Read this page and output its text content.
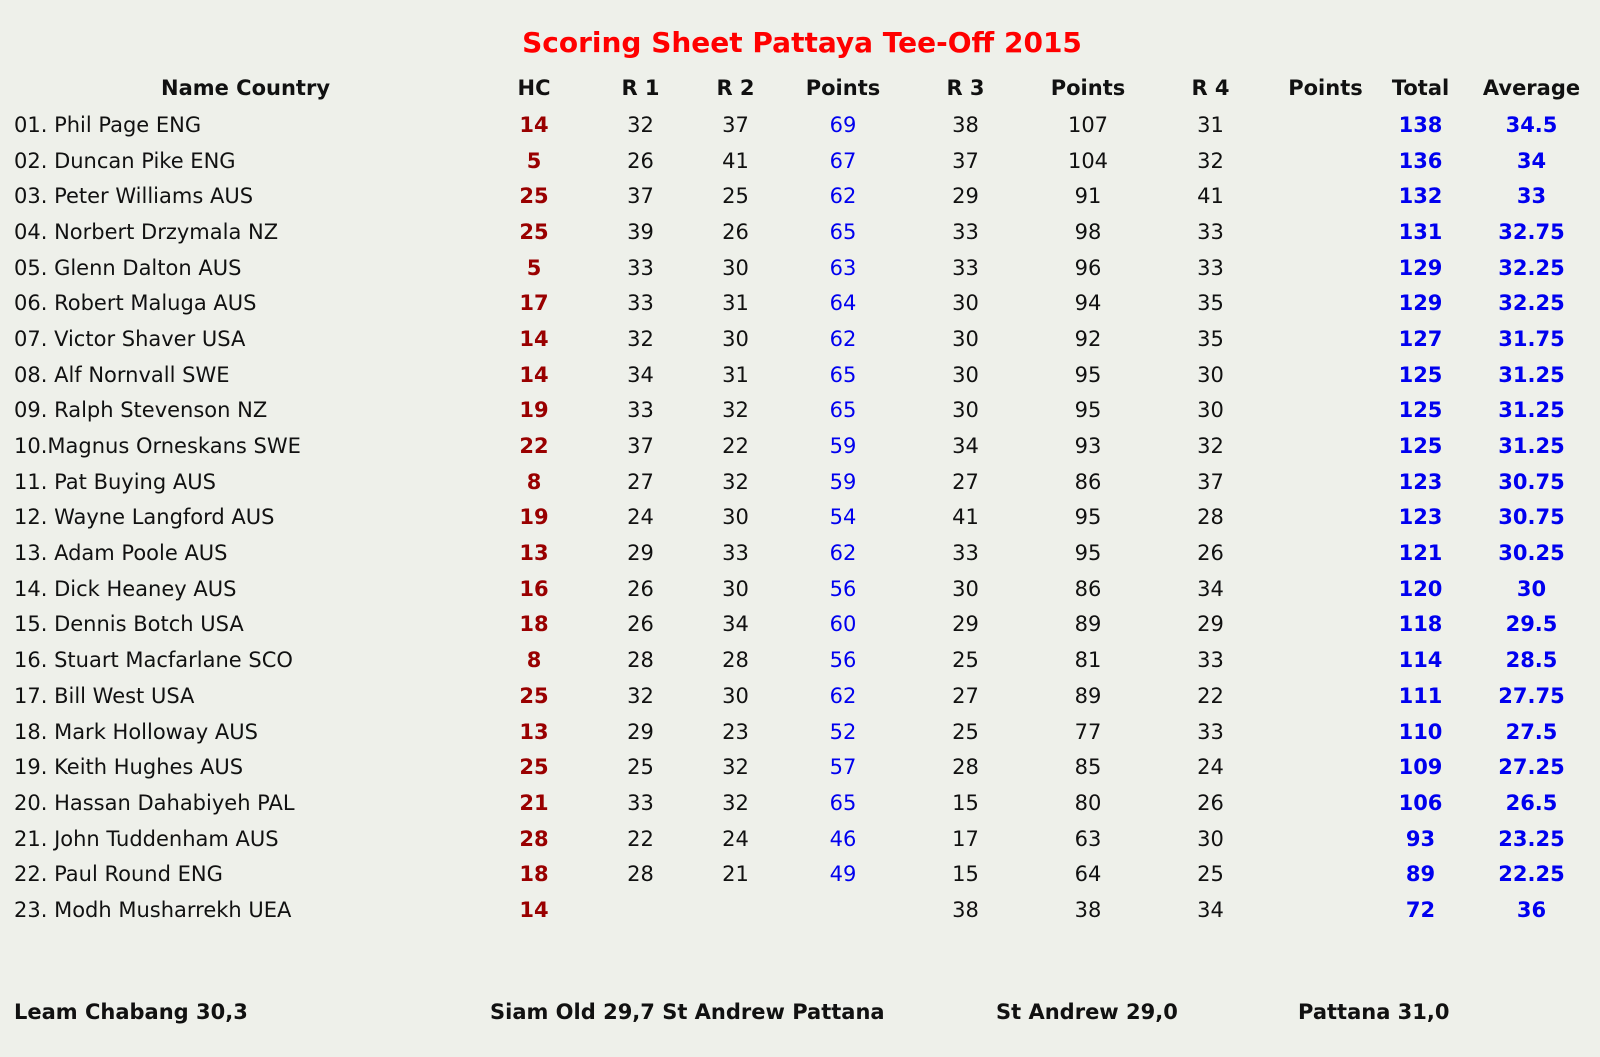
Scoring Sheet Pattaya Tee-Off 2015
Name Country	HC	R 1	R 2	Points	R 3	Points	R 4	Points	Total	Average
01. Phil Page ENG	14	32	37	69	38	107	31		138	34.5
02. Duncan Pike ENG	5	26	41	67	37	104	32		136	34
03. Peter Williams AUS	25	37	25	62	29	91	41		132	33
04. Norbert Drzymala NZ	25	39	26	65	33	98	33		131	32.75
05. Glenn Dalton AUS	5	33	30	63	33	96	33		129	32.25
06. Robert Maluga AUS	17	33	31	64	30	94	35		129	32.25
07. Victor Shaver USA	14	32	30	62	30	92	35		127	31.75
08. Alf Nornvall SWE	14	34	31	65	30	95	30		125	31.25
09. Ralph Stevenson NZ	19	33	32	65	30	95	30		125	31.25
10.Magnus Orneskans SWE	22	37	22	59	34	93	32		125	31.25
11. Pat Buying AUS	8	27	32	59	27	86	37		123	30.75
12. Wayne Langford AUS	19	24	30	54	41	95	28		123	30.75
13. Adam Poole AUS	13	29	33	62	33	95	26		121	30.25
14. Dick Heaney AUS	16	26	30	56	30	86	34		120	30
15. Dennis Botch USA	18	26	34	60	29	89	29		118	29.5
16. Stuart Macfarlane SCO	8	28	28	56	25	81	33		114	28.5
17. Bill West USA	25	32	30	62	27	89	22		111	27.75
18. Mark Holloway AUS	13	29	23	52	25	77	33		110	27.5
19. Keith Hughes AUS	25	25	32	57	28	85	24		109	27.25
20. Hassan Dahabiyeh PAL	21	33	32	65	15	80	26		106	26.5
21. John Tuddenham AUS	28	22	24	46	17	63	30		93	23.25
22. Paul Round ENG	18	28	21	49	15	64	25		89	22.25
23. Modh Musharrekh UEA	14				38	38	34		72	36
Leam Chabang 30,3	Siam Old 29,7 St Andrew Pattana	St Andrew 29,0	Pattana 31,0
